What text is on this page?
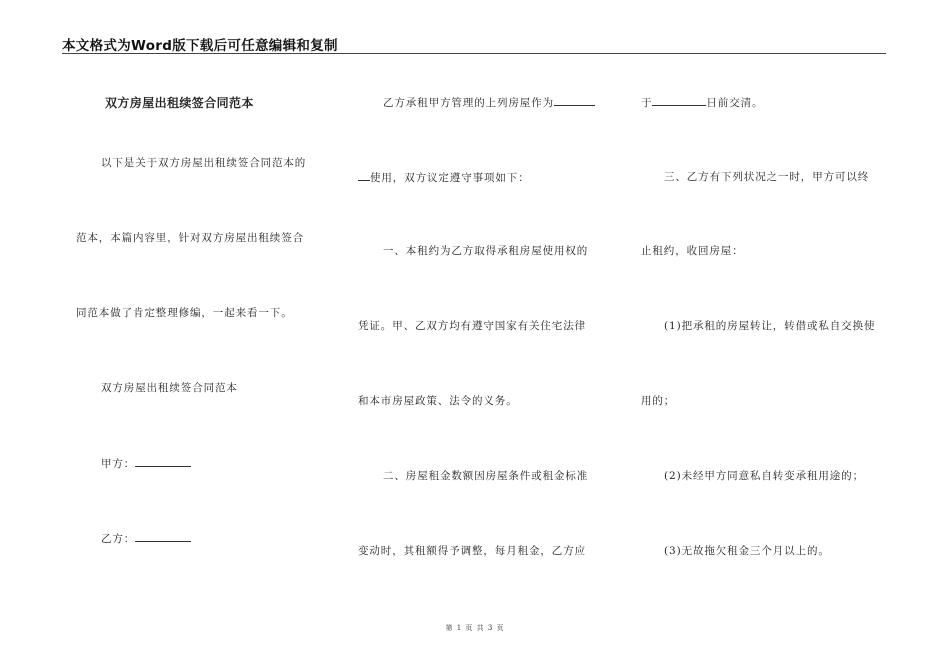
本文格式为Word版下载后可任意编辑和复制
双方房屋出租续签合同范本
以下是关于双方房屋出租续签合同范本的
范本，本篇内容里，针对双方房屋出租续签合
同范本做了肯定整理修编，一起来看一下。
双方房屋出租续签合同范本
甲方：
乙方：
乙方承租甲方管理的上列房屋作为
使用，双方议定遵守事项如下：
一、本租约为乙方取得承租房屋使用权的
凭证。甲、乙双方均有遵守国家有关住宅法律
和本市房屋政策、法令的义务。
二、房屋租金数额因房屋条件或租金标准
变动时，其租额得予调整，每月租金，乙方应
于	日前交清。
三、乙方有下列状况之一时，甲方可以终
止租约，收回房屋：
(1)把承租的房屋转让，转借或私自交换使
用的；
(2)未经甲方同意私自转变承租用途的；
(3)无故拖欠租金三个月以上的。
第 1 页 共 3 页
